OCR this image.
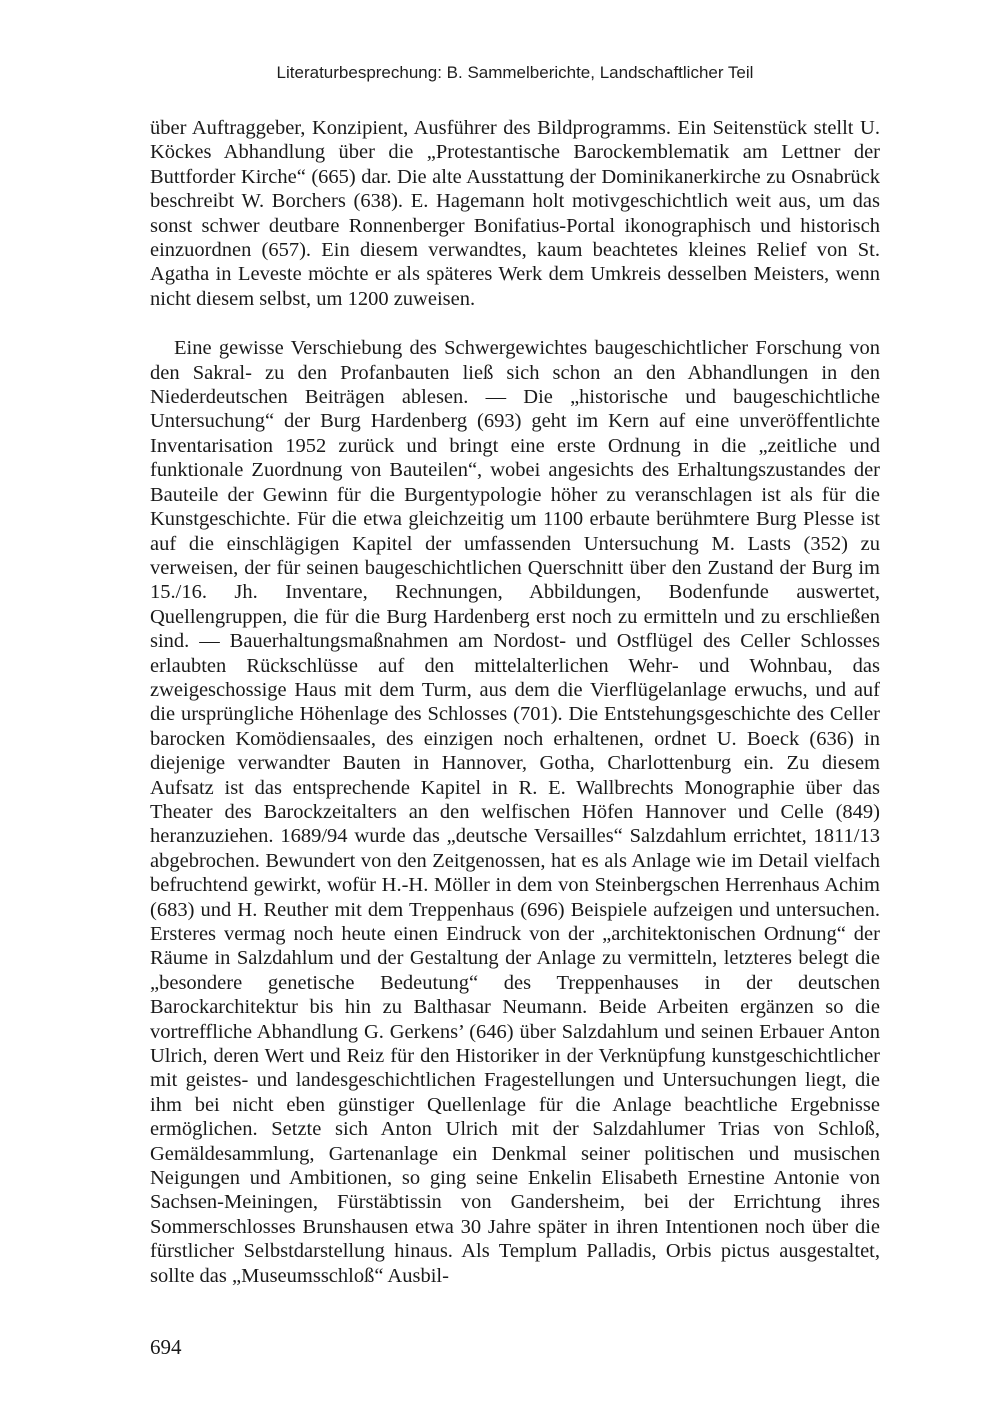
Literaturbesprechung: B. Sammelberichte, Landschaftlicher Teil

über Auftraggeber, Konzipient, Ausführer des Bildprogramms. Ein Seitenstück stellt U. Köckes Abhandlung über die „Protestantische Barockemblematik am Lettner der Buttforder Kirche“ (665) dar. Die alte Ausstattung der Dominikanerkirche zu Osnabrück beschreibt W. Borchers (638). E. Hagemann holt motivgeschichtlich weit aus, um das sonst schwer deutbare Ronnenberger Bonifatius-Portal ikonographisch und historisch einzuordnen (657). Ein diesem verwandtes, kaum beachtetes kleines Relief von St. Agatha in Leveste möchte er als späteres Werk dem Umkreis desselben Meisters, wenn nicht diesem selbst, um 1200 zuweisen.

Eine gewisse Verschiebung des Schwergewichtes baugeschichtlicher Forschung von den Sakral- zu den Profanbauten ließ sich schon an den Abhandlungen in den Niederdeutschen Beiträgen ablesen. — Die „historische und baugeschichtliche Untersuchung“ der Burg Hardenberg (693) geht im Kern auf eine unveröffentlichte Inventarisation 1952 zurück und bringt eine erste Ordnung in die „zeitliche und funktionale Zuordnung von Bauteilen“, wobei angesichts des Erhaltungszustandes der Bauteile der Gewinn für die Burgentypologie höher zu veranschlagen ist als für die Kunstgeschichte. Für die etwa gleichzeitig um 1100 erbaute berühmtere Burg Plesse ist auf die einschlägigen Kapitel der umfassenden Untersuchung M. Lasts (352) zu verweisen, der für seinen baugeschichtlichen Querschnitt über den Zustand der Burg im 15./16. Jh. Inventare, Rechnungen, Abbildungen, Bodenfunde auswertet, Quellengruppen, die für die Burg Hardenberg erst noch zu ermitteln und zu erschließen sind. — Bauerhaltungsmaßnahmen am Nordost- und Ostflügel des Celler Schlosses erlaubten Rückschlüsse auf den mittelalterlichen Wehr- und Wohnbau, das zweigeschossige Haus mit dem Turm, aus dem die Vierflügelanlage erwuchs, und auf die ursprüngliche Höhenlage des Schlosses (701). Die Entstehungsgeschichte des Celler barocken Komödiensaales, des einzigen noch erhaltenen, ordnet U. Boeck (636) in diejenige verwandter Bauten in Hannover, Gotha, Charlottenburg ein. Zu diesem Aufsatz ist das entsprechende Kapitel in R. E. Wallbrechts Monographie über das Theater des Barockzeitalters an den welfischen Höfen Hannover und Celle (849) heranzuziehen. 1689/94 wurde das „deutsche Versailles“ Salzdahlum errichtet, 1811/13 abgebrochen. Bewundert von den Zeitgenossen, hat es als Anlage wie im Detail vielfach befruchtend gewirkt, wofür H.-H. Möller in dem von Steinbergschen Herrenhaus Achim (683) und H. Reuther mit dem Treppenhaus (696) Beispiele aufzeigen und untersuchen. Ersteres vermag noch heute einen Eindruck von der „architektonischen Ordnung“ der Räume in Salzdahlum und der Gestaltung der Anlage zu vermitteln, letzteres belegt die „besondere genetische Bedeutung“ des Treppenhauses in der deutschen Barockarchitektur bis hin zu Balthasar Neumann. Beide Arbeiten ergänzen so die vortreffliche Abhandlung G. Gerkens’ (646) über Salzdahlum und seinen Erbauer Anton Ulrich, deren Wert und Reiz für den Historiker in der Verknüpfung kunstgeschichtlicher mit geistes- und landesgeschichtlichen Fragestellungen und Untersuchungen liegt, die ihm bei nicht eben günstiger Quellenlage für die Anlage beachtliche Ergebnisse ermöglichen. Setzte sich Anton Ulrich mit der Salzdahlumer Trias von Schloß, Gemäldesammlung, Gartenanlage ein Denkmal seiner politischen und musischen Neigungen und Ambitionen, so ging seine Enkelin Elisabeth Ernestine Antonie von Sachsen-Meiningen, Fürstäbtissin von Gandersheim, bei der Errichtung ihres Sommerschlosses Brunshausen etwa 30 Jahre später in ihren Intentionen noch über die fürstlicher Selbstdarstellung hinaus. Als Templum Palladis, Orbis pictus ausgestaltet, sollte das „Museumsschloß“ Ausbil-

694
